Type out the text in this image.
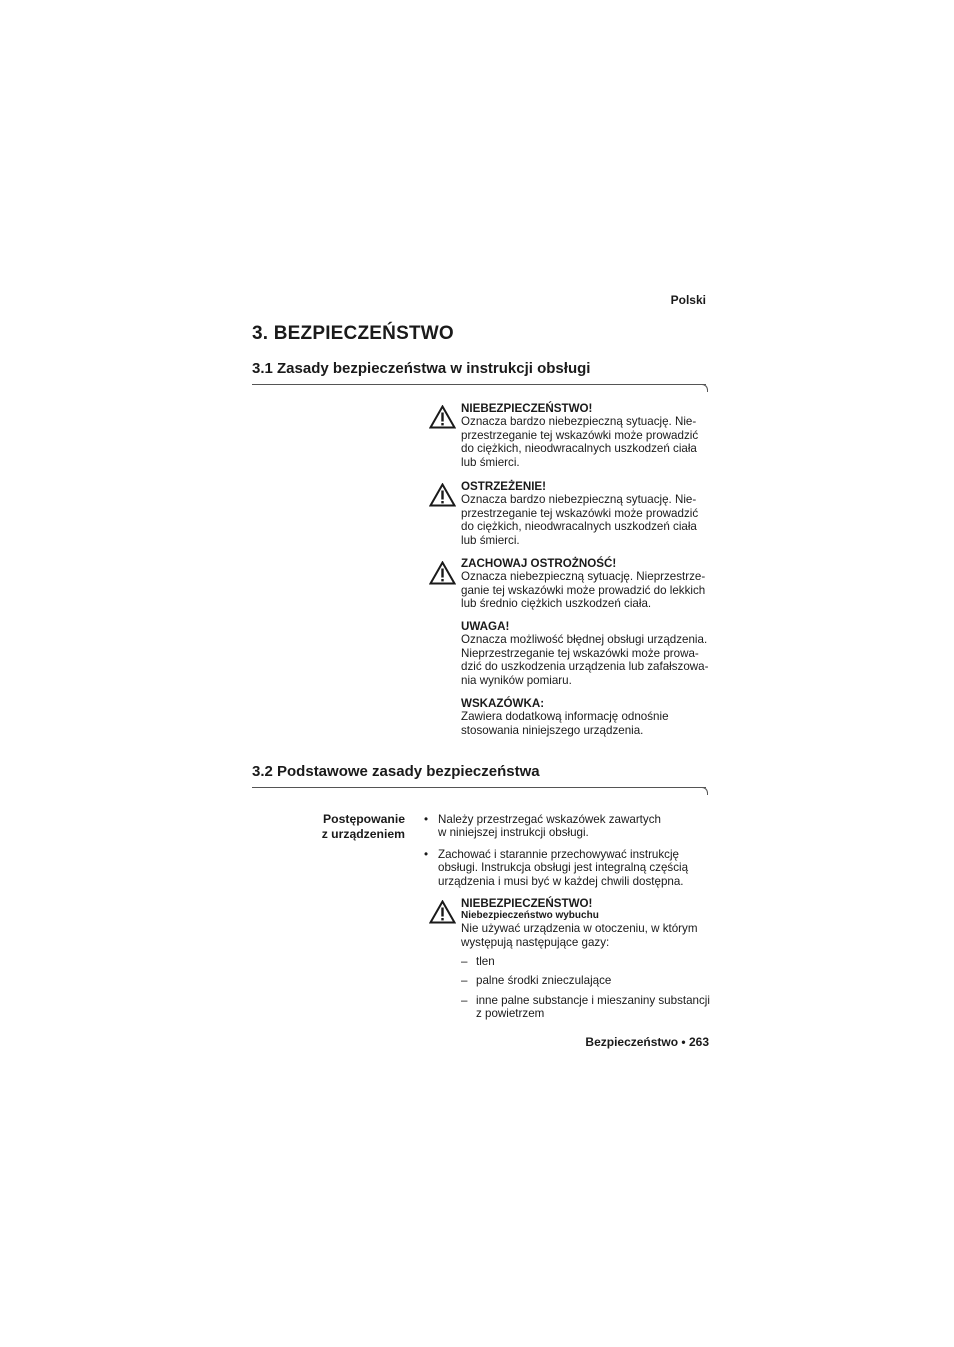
Polski
3. BEZPIECZEŃSTWO
3.1 Zasady bezpieczeństwa w instrukcji obsługi
NIEBEZPIECZEŃSTWO!

Oznacza bardzo niebezpieczną sytuację. Nie-

przestrzeganie tej wskazówki może prowadzić

do ciężkich, nieodwracalnych uszkodzeń ciała

lub śmierci.

OSTRZEŻENIE!

Oznacza bardzo niebezpieczną sytuację. Nie-

przestrzeganie tej wskazówki może prowadzić

do ciężkich, nieodwracalnych uszkodzeń ciała

lub śmierci.

ZACHOWAJ OSTROŻNOŚĆ!

Oznacza niebezpieczną sytuację. Nieprzestrze-

ganie tej wskazówki może prowadzić do lekkich

lub średnio ciężkich uszkodzeń ciała.

UWAGA!

Oznacza możliwość błędnej obsługi urządzenia.

Nieprzestrzeganie tej wskazówki może prowa-

dzić do uszkodzenia urządzenia lub zafałszowa-

nia wyników pomiaru.

WSKAZÓWKA:

Zawiera dodatkową informację odnośnie

stosowania niniejszego urządzenia.

3.2 Podstawowe zasady bezpieczeństwa
Postępowanie
z urządzeniem
• Należy przestrzegać wskazówek zawartych
w niniejszej instrukcji obsługi.
• Zachować i starannie przechowywać instrukcję
obsługi. Instrukcja obsługi jest integralną częścią
urządzenia i musi być w każdej chwili dostępna.
NIEBEZPIECZEŃSTWO!
Niebezpieczeństwo wybuchu

Nie używać urządzenia w otoczeniu, w którym

występują następujące gazy:

– tlen
– palne środki znieczulające
– inne palne substancje i mieszaniny substancji
z powietrzem
Bezpieczeństwo • 263
